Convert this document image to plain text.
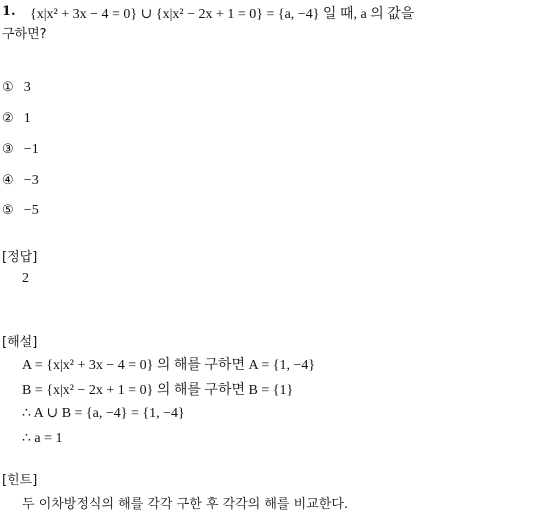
1. {x|x² + 3x − 4 = 0} ∪ {x|x² − 2x + 1 = 0} = {a, −4} 일 때, a 의 값을
구하면?
① 3
② 1
③ −1
④ −3
⑤ −5
[정답]
2
[해설]
A = {x|x² + 3x − 4 = 0} 의 해를 구하면 A = {1, −4}
B = {x|x² − 2x + 1 = 0} 의 해를 구하면 B = {1}
∴ A ∪ B = {a, −4} = {1, −4}
∴ a = 1
[힌트]
두 이차방정식의 해를 각각 구한 후 각각의 해를 비교한다.
